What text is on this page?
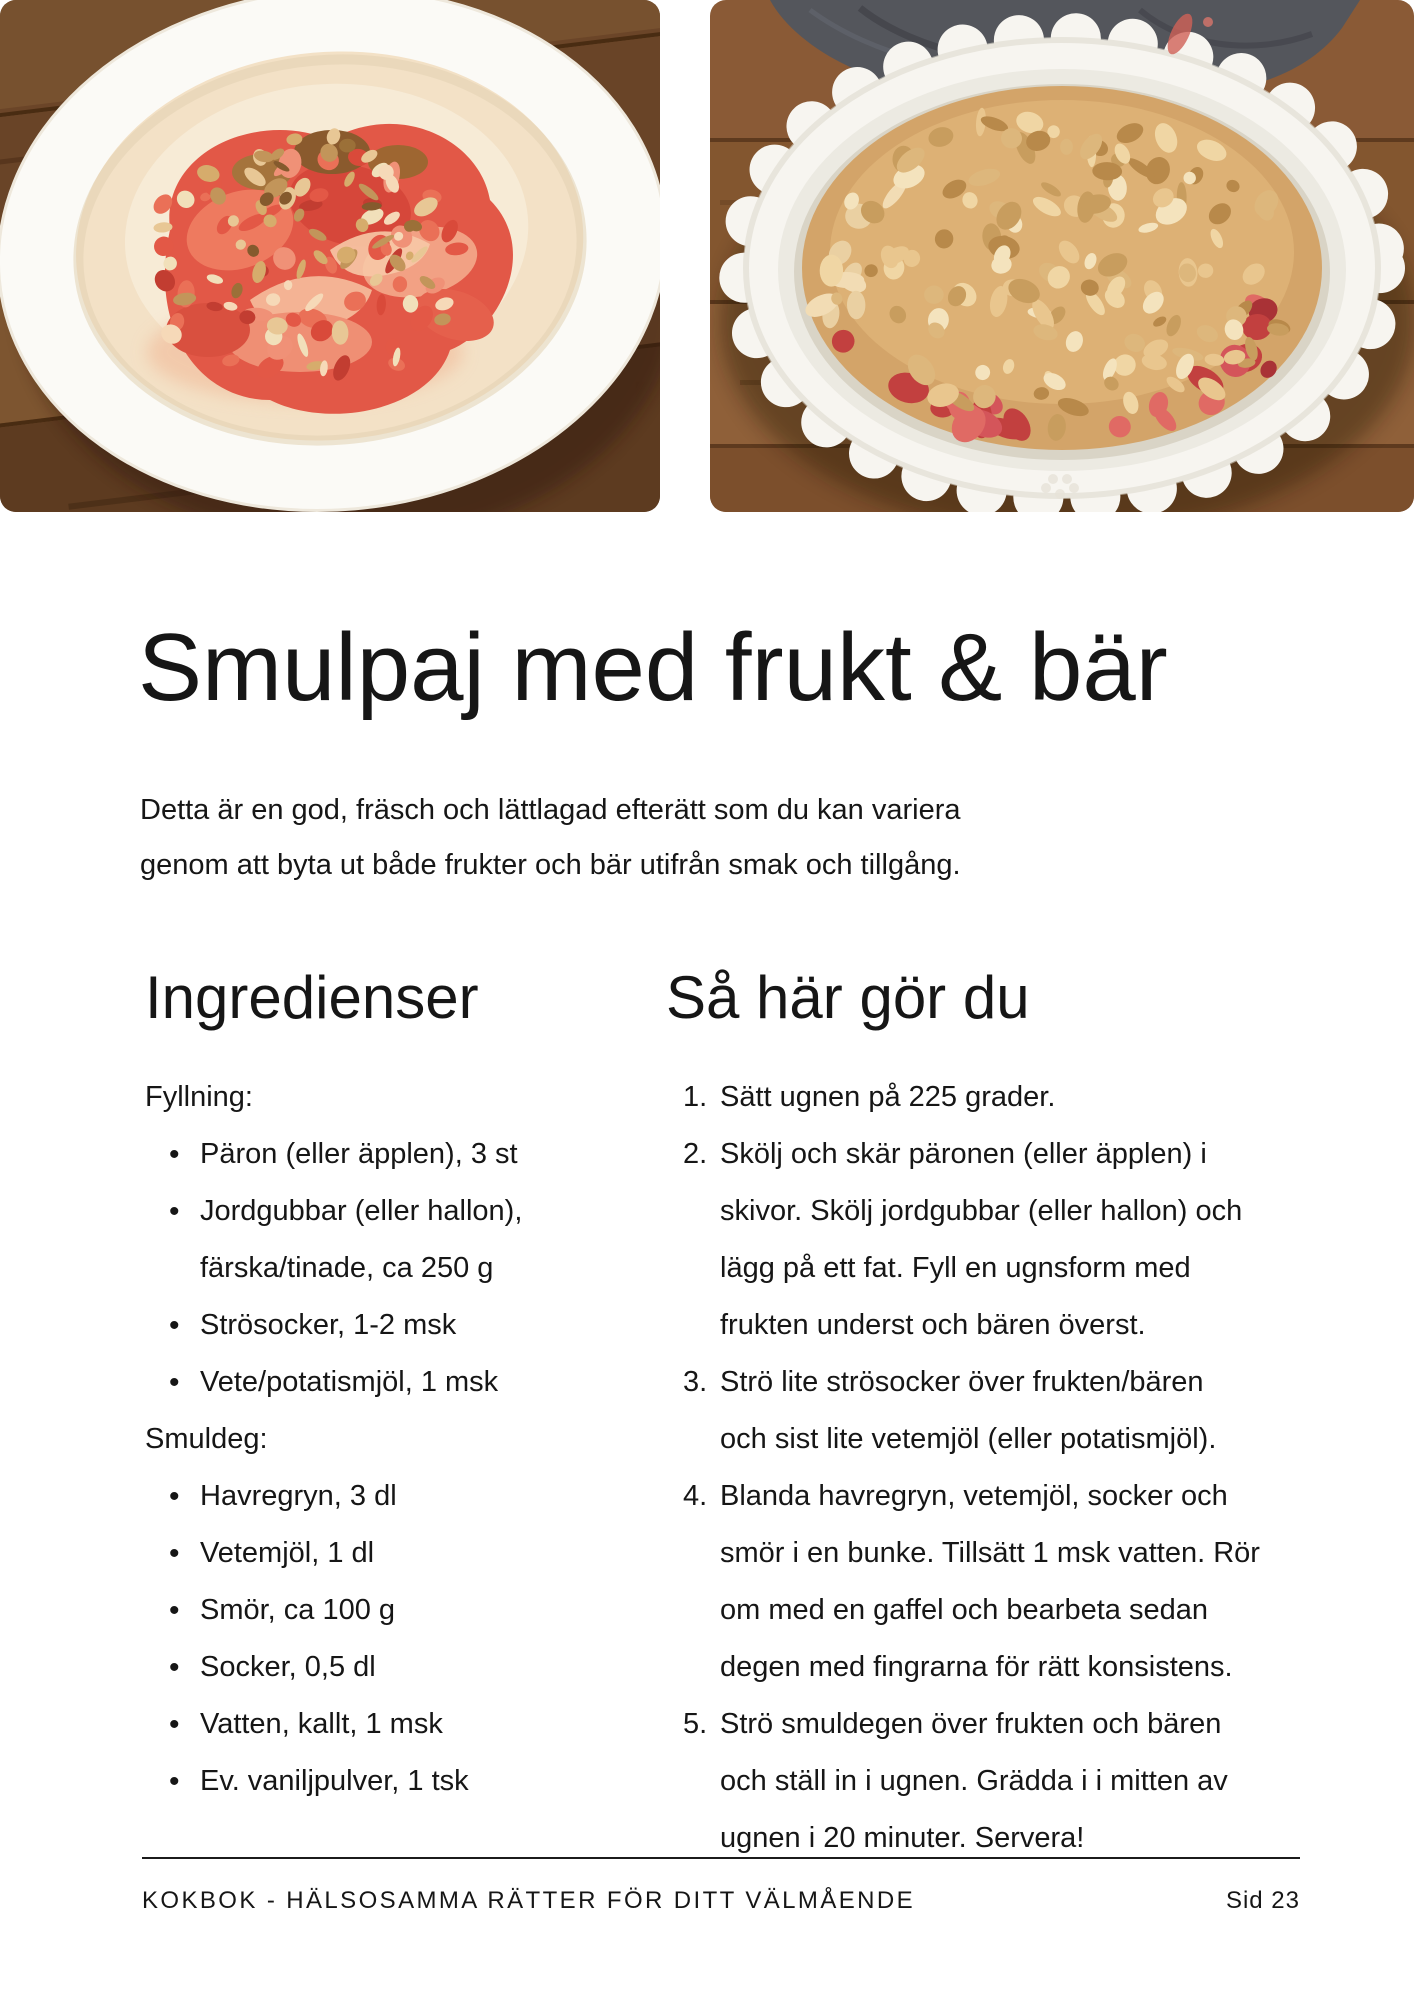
Smulpaj med frukt & bär

Detta är en god, fräsch och lättlagad efterätt som du kan variera
genom att byta ut både frukter och bär utifrån smak och tillgång.

Ingredienser	Så här gör du
Fyllning:
• Päron (eller äpplen), 3 st
• Jordgubbar (eller hallon),
färska/tinade, ca 250 g
• Strösocker, 1-2 msk
• Vete/potatismjöl, 1 msk
Smuldeg:
• Havregryn, 3 dl
• Vetemjöl, 1 dl
• Smör, ca 100 g
• Socker, 0,5 dl
• Vatten, kallt, 1 msk
• Ev. vaniljpulver, 1 tsk
1. Sätt ugnen på 225 grader.
2. Skölj och skär päronen (eller äpplen) i
skivor. Skölj jordgubbar (eller hallon) och
lägg på ett fat. Fyll en ugnsform med
frukten underst och bären överst.
3. Strö lite strösocker över frukten/bären
och sist lite vetemjöl (eller potatismjöl).
4. Blanda havregryn, vetemjöl, socker och
smör i en bunke. Tillsätt 1 msk vatten. Rör
om med en gaffel och bearbeta sedan
degen med fingrarna för rätt konsistens.
5. Strö smuldegen över frukten och bären
och ställ in i ugnen. Grädda i i mitten av
ugnen i 20 minuter. Servera!
KOKBOK - HÄLSOSAMMA RÄTTER FÖR DITT VÄLMÅENDE	Sid 23
